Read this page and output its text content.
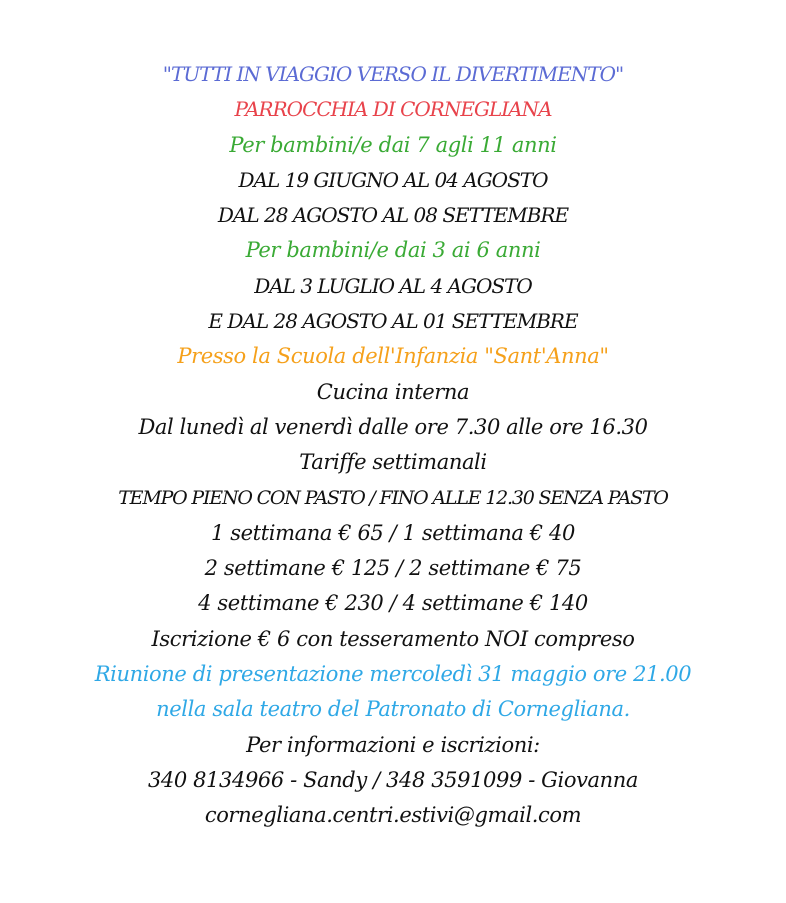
"TUTTI IN VIAGGIO VERSO IL DIVERTIMENTO"
PARROCCHIA DI CORNEGLIANA
Per bambini/e dai 7 agli 11 anni
DAL 19 GIUGNO AL 04 AGOSTO
DAL 28 AGOSTO AL 08 SETTEMBRE
Per bambini/e dai 3 ai 6 anni
DAL 3 LUGLIO AL 4 AGOSTO
E DAL 28 AGOSTO AL 01 SETTEMBRE
Presso la Scuola dell'Infanzia "Sant'Anna"
Cucina interna
Dal lunedì al venerdì dalle ore 7.30 alle ore 16.30
Tariffe settimanali
TEMPO PIENO CON PASTO / FINO ALLE 12.30 SENZA PASTO
1 settimana € 65 / 1 settimana € 40
2 settimane € 125 / 2 settimane € 75
4 settimane € 230 / 4 settimane € 140
Iscrizione € 6 con tesseramento NOI compreso
Riunione di presentazione mercoledì 31 maggio ore 21.00
nella sala teatro del Patronato di Cornegliana.
Per informazioni e iscrizioni:
340 8134966 - Sandy / 348 3591099 - Giovanna
cornegliana.centri.estivi@gmail.com
